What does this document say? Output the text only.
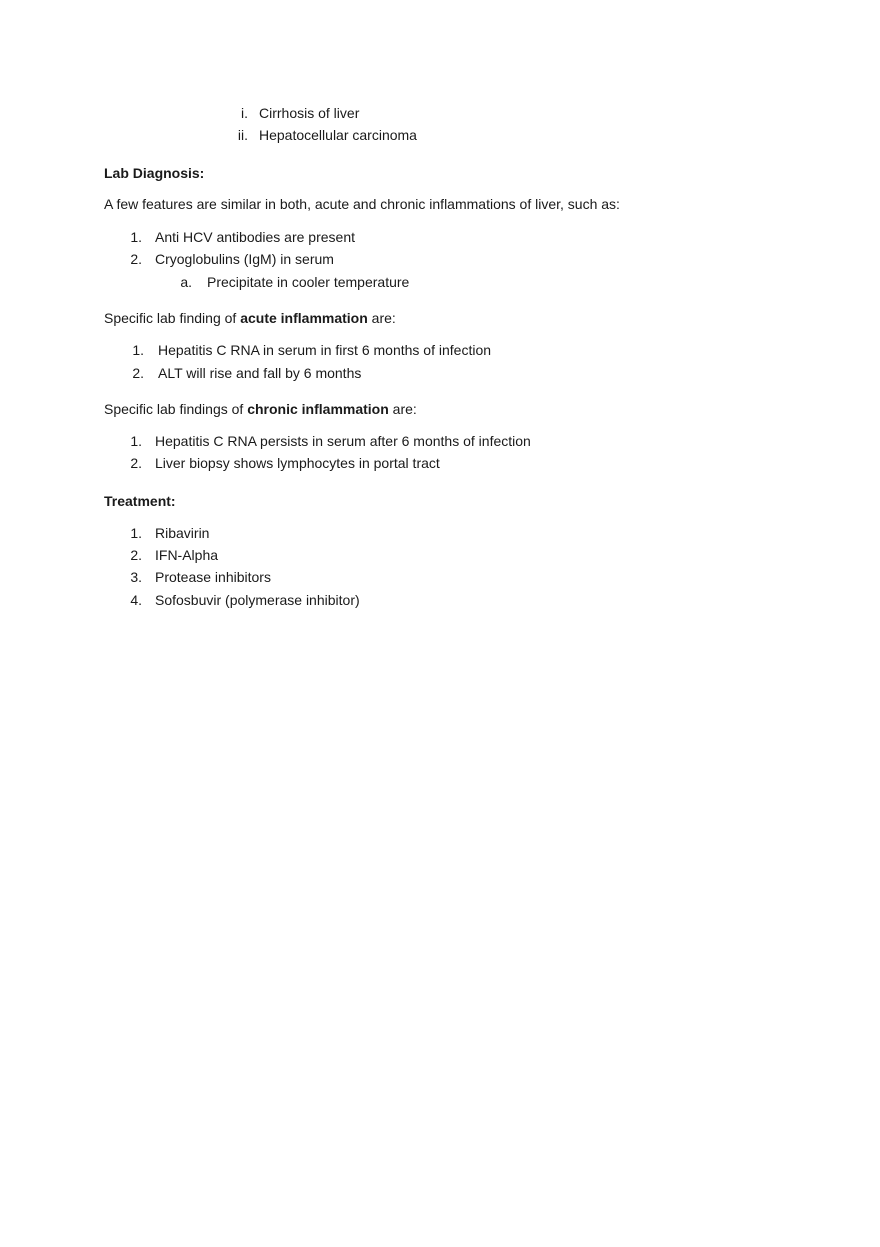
i. Cirrhosis of liver
ii. Hepatocellular carcinoma
Lab Diagnosis:
A few features are similar in both, acute and chronic inflammations of liver, such as:
1. Anti HCV antibodies are present
2. Cryoglobulins (IgM) in serum
a. Precipitate in cooler temperature
Specific lab finding of acute inflammation are:
1. Hepatitis C RNA in serum in first 6 months of infection
2. ALT will rise and fall by 6 months
Specific lab findings of chronic inflammation are:
1. Hepatitis C RNA persists in serum after 6 months of infection
2. Liver biopsy shows lymphocytes in portal tract
Treatment:
1. Ribavirin
2. IFN-Alpha
3. Protease inhibitors
4. Sofosbuvir (polymerase inhibitor)
